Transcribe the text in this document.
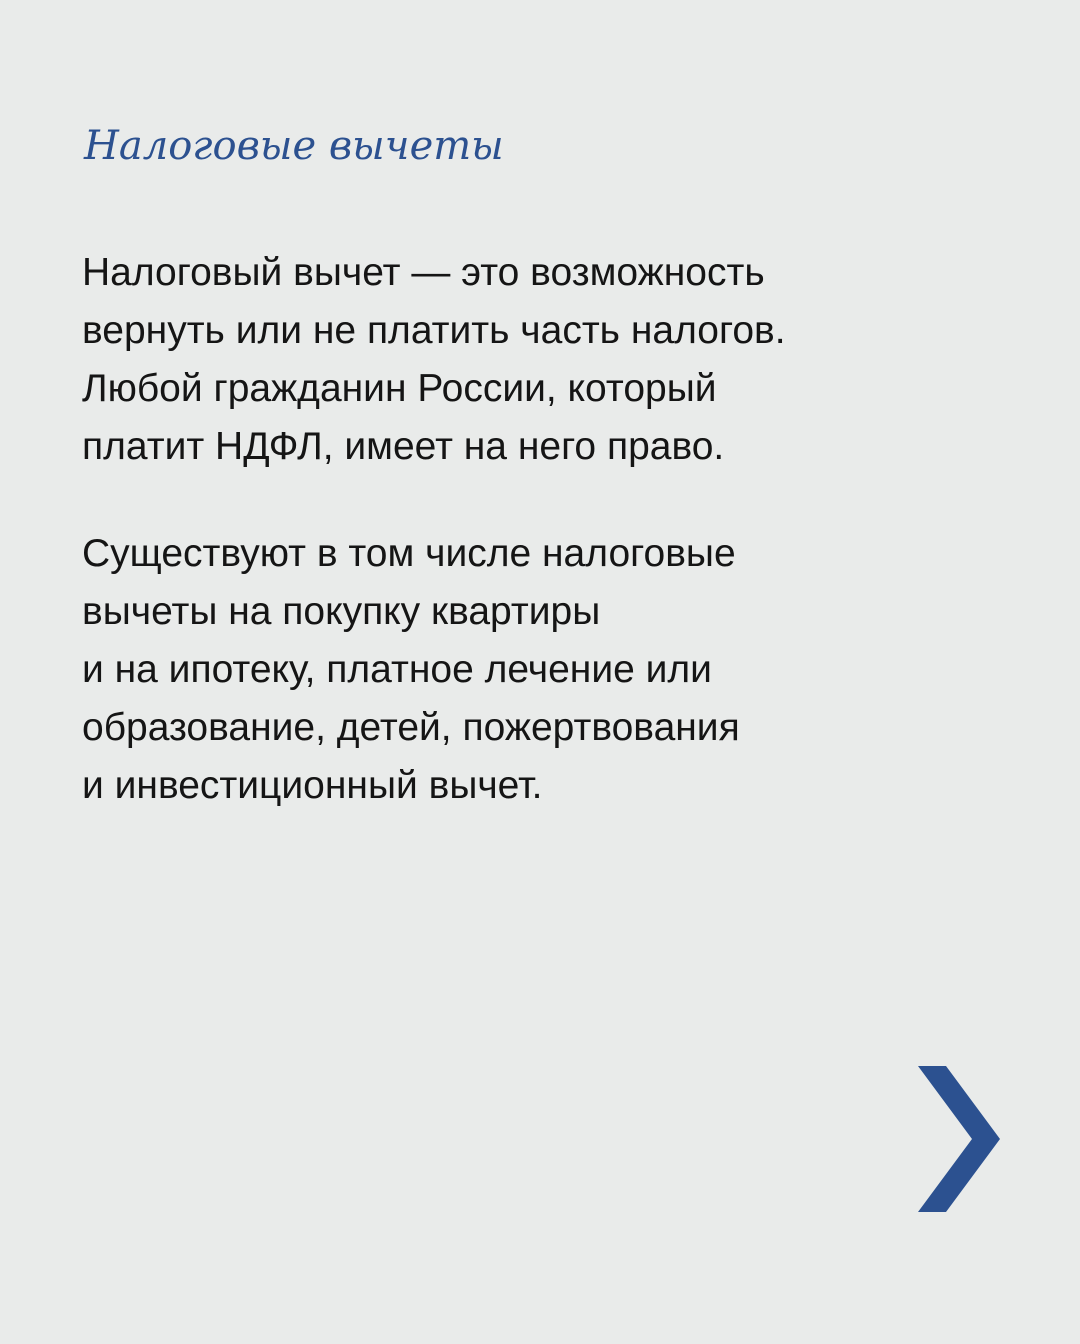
Налоговые вычеты

Налоговый вычет — это возможность
вернуть или не платить часть налогов.
Любой гражданин России, который
платит НДФЛ, имеет на него право.

Существуют в том числе налоговые
вычеты на покупку квартиры
и на ипотеку, платное лечение или
образование, детей, пожертвования
и инвестиционный вычет.
